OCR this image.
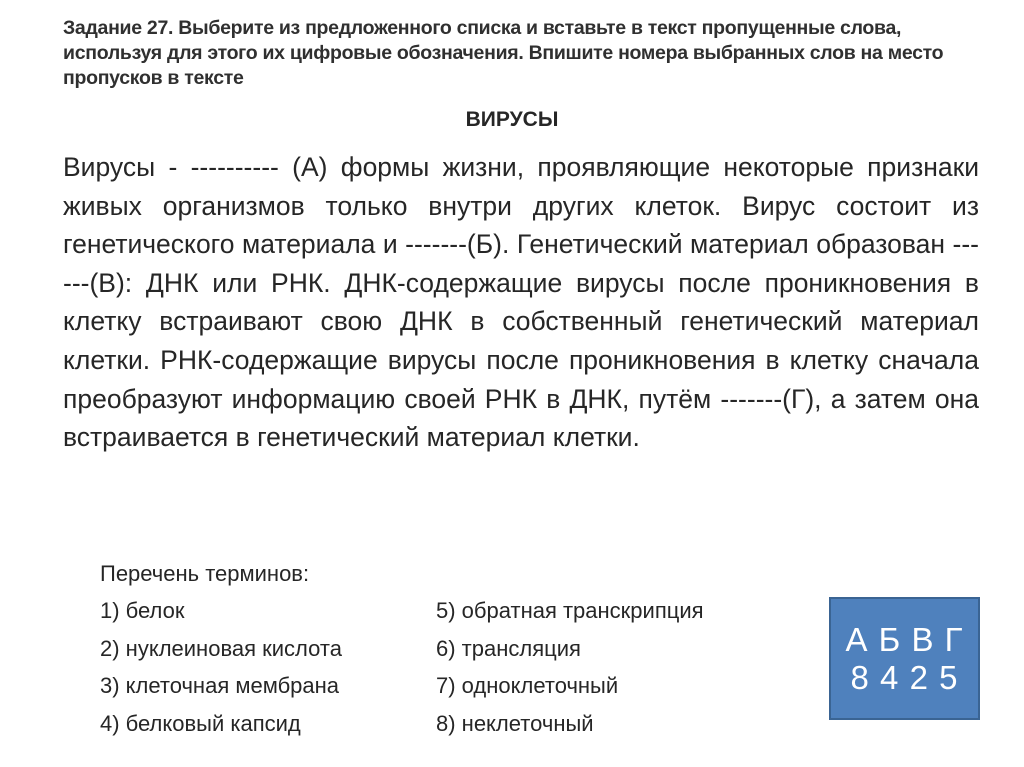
Задание 27. Выберите из предложенного списка и вставьте в текст пропущенные слова, используя для этого их цифровые обозначения. Впишите номера выбранных слов на место пропусков в тексте
ВИРУСЫ

Вирусы - ---------- (А) формы жизни, проявляющие некоторые признаки живых организмов только внутри других клеток. Вирус состоит из генетического материала и -------(Б). Генетический материал образован ------(В): ДНК или РНК. ДНК-содержащие вирусы после проникновения в клетку встраивают свою ДНК в собственный генетический материал клетки. РНК-содержащие вирусы после проникновения в клетку сначала преобразуют информацию своей РНК в ДНК, путём -------(Г), а затем она встраивается в генетический материал клетки.

Перечень терминов:
1) белок	5) обратная транскрипция
2) нуклеиновая кислота	6) трансляция
3) клеточная мембрана	7) одноклеточный
4) белковый капсид	8) неклеточный
А Б В Г
8 4 2 5
